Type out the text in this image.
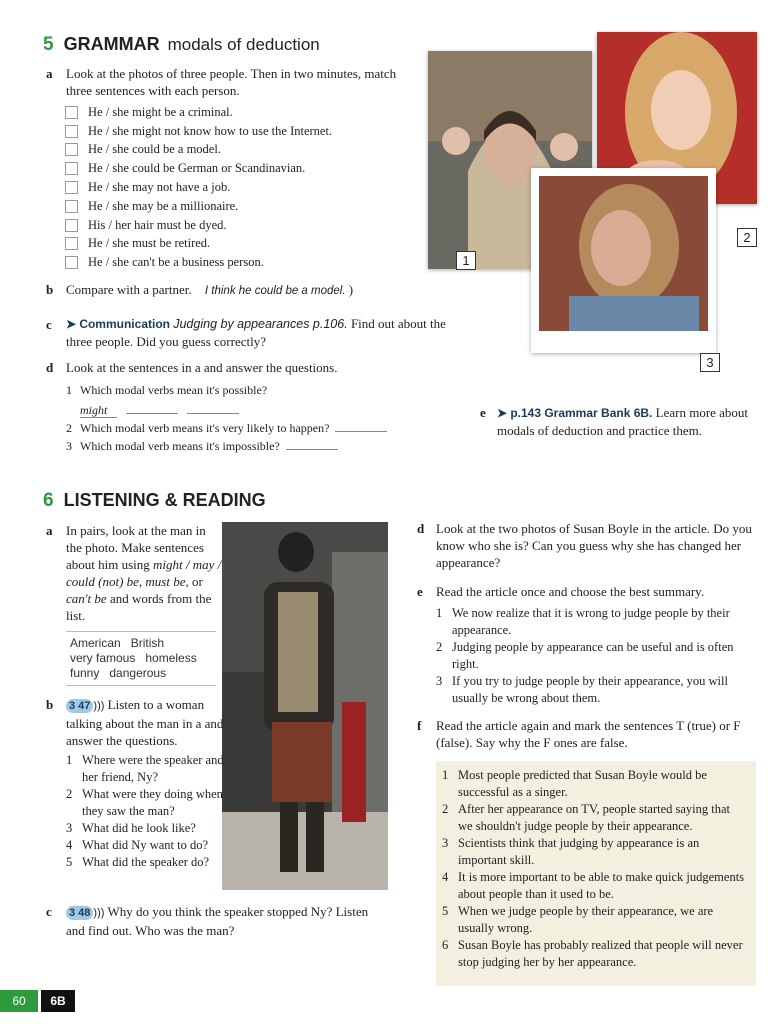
5 GRAMMAR modals of deduction
a Look at the photos of three people. Then in two minutes, match three sentences with each person.
He / she might be a criminal.
He / she might not know how to use the Internet.
He / she could be a model.
He / she could be German or Scandinavian.
He / she may not have a job.
He / she may be a millionaire.
His / her hair must be dyed.
He / she must be retired.
He / she can't be a business person.
b Compare with a partner. I think he could be a model. )
c ➤ Communication Judging by appearances p.106. Find out about the three people. Did you guess correctly?
d Look at the sentences in a and answer the questions.
1 Which modal verbs mean it's possible?
might
2 Which modal verb means it's very likely to happen?
3 Which modal verb means it's impossible?
e ➤ p.143 Grammar Bank 6B. Learn more about modals of deduction and practice them.
1
2
3
6 LISTENING & READING
a In pairs, look at the man in the photo. Make sentences about him using might / may / could (not) be, must be, or can't be and words from the list.
American British
very famous homeless
funny dangerous
b 3 47 ))) Listen to a woman talking about the man in a and answer the questions.
1 Where were the speaker and her friend, Ny?
2 What were they doing when they saw the man?
3 What did he look like?
4 What did Ny want to do?
5 What did the speaker do?
c 3 48 ))) Why do you think the speaker stopped Ny? Listen and find out. Who was the man?
d Look at the two photos of Susan Boyle in the article. Do you know who she is? Can you guess why she has changed her appearance?
e Read the article once and choose the best summary.
1 We now realize that it is wrong to judge people by their appearance.
2 Judging people by appearance can be useful and is often right.
3 If you try to judge people by their appearance, you will usually be wrong about them.
f Read the article again and mark the sentences T (true) or F (false). Say why the F ones are false.
1 Most people predicted that Susan Boyle would be successful as a singer.
2 After her appearance on TV, people started saying that we shouldn't judge people by their appearance.
3 Scientists think that judging by appearance is an important skill.
4 It is more important to be able to make quick judgements about people than it used to be.
5 When we judge people by their appearance, we are usually wrong.
6 Susan Boyle has probably realized that people will never stop judging her by her appearance.
60	6B
